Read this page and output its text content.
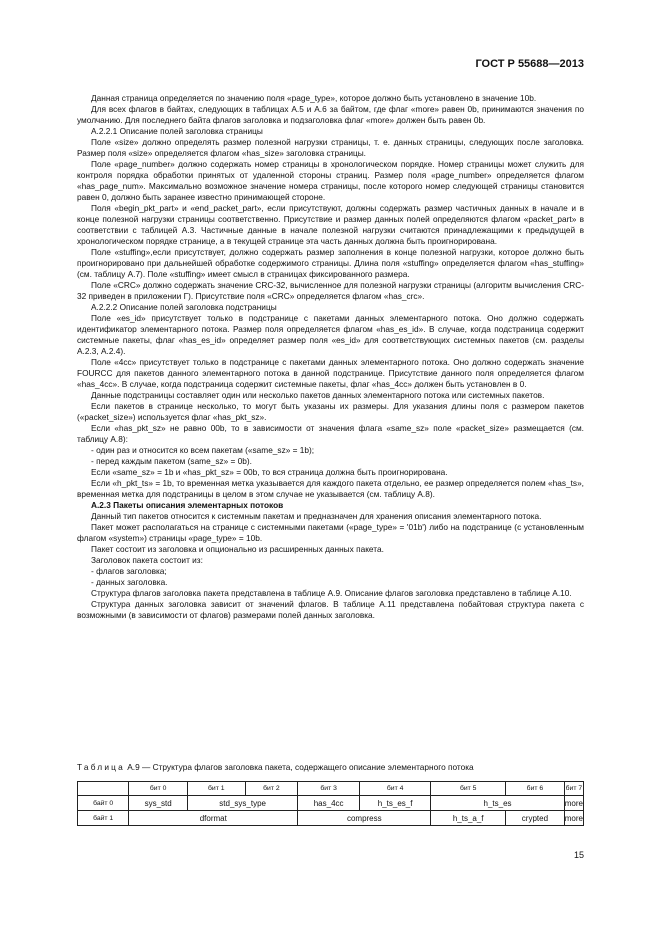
ГОСТ Р 55688—2013

Данная страница определяется по значению поля «page_type», которое должно быть установлено в значение 10b.

Для всех флагов в байтах, следующих в таблицах А.5 и А.6 за байтом, где флаг «more» равен 0b, принимаются значения по умолчанию. Для последнего байта флагов заголовка и подзаголовка флаг «more» должен быть равен 0b.

А.2.2.1 Описание полей заголовка страницы

Поле «size» должно определять размер полезной нагрузки страницы, т. е. данных страницы, следующих после заголовка. Размер поля «size» определяется флагом «has_size» заголовка страницы.

Поле «page_number» должно содержать номер страницы в хронологическом порядке. Номер страницы может служить для контроля порядка обработки принятых от удаленной стороны страниц. Размер поля «page_number» определяется флагом «has_page_num». Максимально возможное значение номера страницы, после которого номер следующей страницы становится равен 0, должно быть заранее известно принимающей стороне.

Поля «begin_pkt_part» и «end_packet_part», если присутствуют, должны содержать размер частичных данных в начале и в конце полезной нагрузки страницы соответственно. Присутствие и размер данных полей определяются флагом «packet_part» в соответствии с таблицей А.3. Частичные данные в начале полезной нагрузки считаются принадлежащими к предыдущей в хронологическом порядке странице, а в текущей странице эта часть данных должна быть проигнорирована.

Поле «stuffing»,если присутствует, должно содержать размер заполнения в конце полезной нагрузки, которое должно быть проигнорировано при дальнейшей обработке содержимого страницы. Длина поля «stuffing» определяется флагом «has_stuffing» (см. таблицу А.7). Поле «stuffing» имеет смысл в страницах фиксированного размера.

Поле «CRC» должно содержать значение CRC-32, вычисленное для полезной нагрузки страницы (алгоритм вычисления CRC-32 приведен в приложении Г). Присутствие поля «CRC» определяется флагом «has_crc».

А.2.2.2 Описание полей заголовка подстраницы

Поле «es_id» присутствует только в подстранице с пакетами данных элементарного потока. Оно должно содержать идентификатор элементарного потока. Размер поля определяется флагом «has_es_id». В случае, когда подстраница содержит системные пакеты, флаг «has_es_id» определяет размер поля «es_id» для соответствующих системных пакетов (см. разделы А.2.3, А.2.4).

Поле «4cc» присутствует только в подстранице с пакетами данных элементарного потока. Оно должно содержать значение FOURCC для пакетов данного элементарного потока в данной подстранице. Присутствие данного поля определяется флагом «has_4cc». В случае, когда подстраница содержит системные пакеты, флаг «has_4cc» должен быть установлен в 0.

Данные подстраницы составляет один или несколько пакетов данных элементарного потока или системных пакетов.

Если пакетов в странице несколько, то могут быть указаны их размеры. Для указания длины поля с размером пакетов («packet_size») используется флаг «has_pkt_sz».

Если «has_pkt_sz» не равно 00b, то в зависимости от значения флага «same_sz» поле «packet_size» размещается (см. таблицу А.8):

- один раз и относится ко всем пакетам («same_sz» = 1b);

- перед каждым пакетом (same_sz» = 0b).

Если «same_sz» = 1b и «has_pkt_sz» = 00b, то вся страница должна быть проигнорирована.

Если «h_pkt_ts» = 1b, то временная метка указывается для каждого пакета отдельно, ее размер определяется полем «has_ts», временная метка для подстраницы в целом в этом случае не указывается (см. таблицу А.8).

А.2.3 Пакеты описания элементарных потоков

Данный тип пакетов относится к системным пакетам и предназначен для хранения описания элементарного потока.

Пакет может располагаться на странице с системными пакетами («page_type» = '01b') либо на подстранице (с установленным флагом «system») страницы «page_type» = 10b.

Пакет состоит из заголовка и опционально из расширенных данных пакета.

Заголовок пакета состоит из:

- флагов заголовка;

- данных заголовка.

Структура флагов заголовка пакета представлена в таблице А.9. Описание флагов заголовка представлено в таблице А.10.

Структура данных заголовка зависит от значений флагов. В таблице А.11 представлена побайтовая структура пакета с возможными (в зависимости от флагов) размерами полей данных заголовка.

Таблица А.9 — Структура флагов заголовка пакета, содержащего описание элементарного потока
	бит 0	бит 1	бит 2	бит 3	бит 4	бит 5	бит 6	бит 7
байт 0	sys_std	std_sys_type		has_4cc	h_ts_es_f	h_ts_es		more
байт 1	dformat			compress		h_ts_a_f	crypted	more
15
